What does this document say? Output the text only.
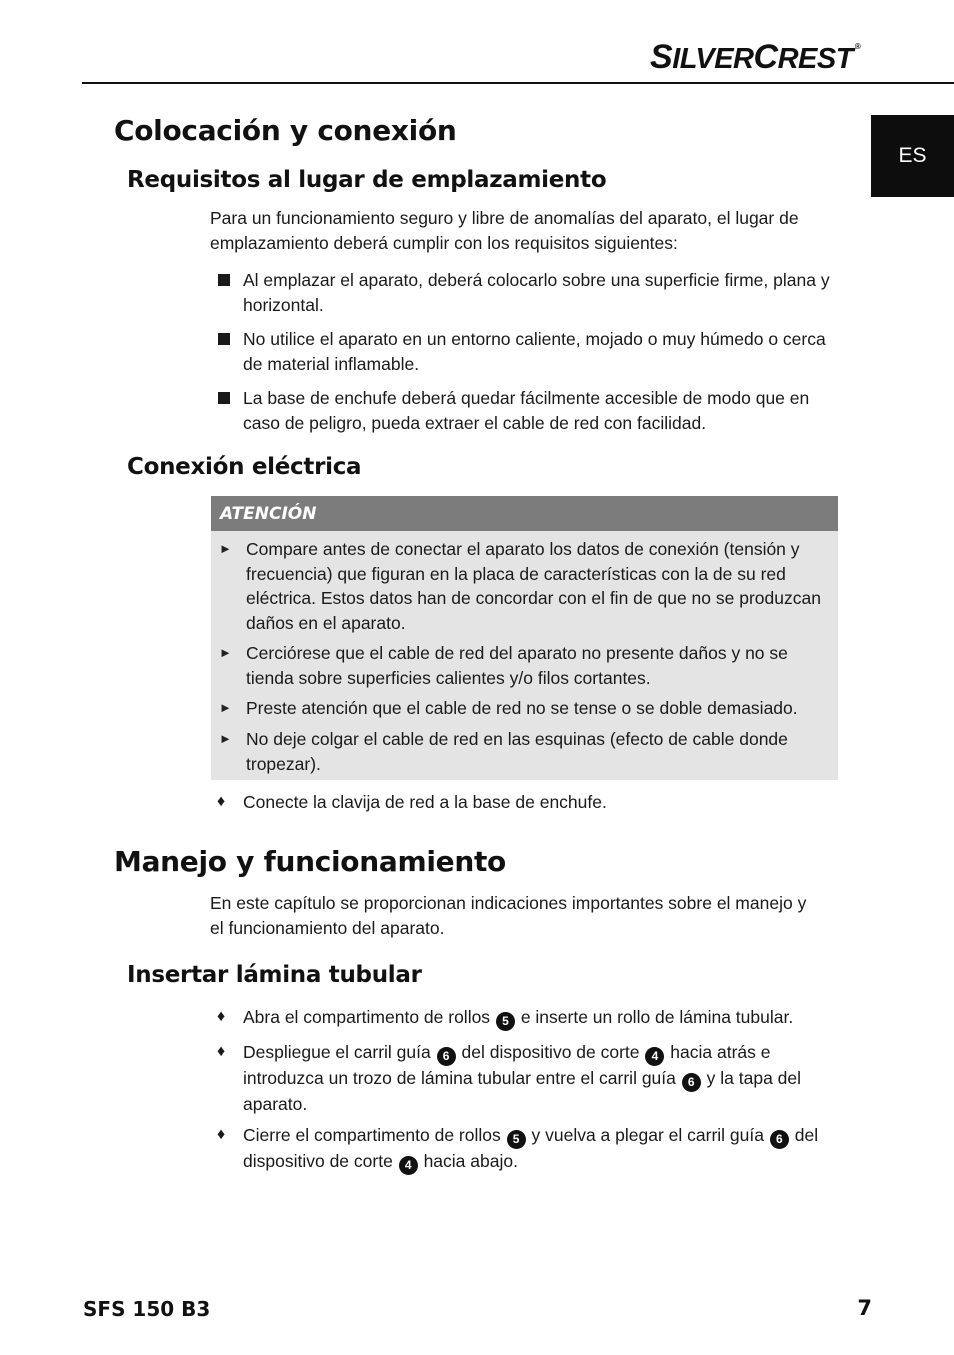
SILVERCREST ®
ES
Colocación y conexión
Requisitos al lugar de emplazamiento

Para un funcionamiento seguro y libre de anomalías del aparato, el lugar de emplazamiento deberá cumplir con los requisitos siguientes:

Al emplazar el aparato, deberá colocarlo sobre una superficie firme, plana y horizontal.
No utilice el aparato en un entorno caliente, mojado o muy húmedo o cerca de material inflamable.
La base de enchufe deberá quedar fácilmente accesible de modo que en caso de peligro, pueda extraer el cable de red con facilidad.
Conexión eléctrica
ATENCIÓN
► Compare antes de conectar el aparato los datos de conexión (tensión y frecuencia) que figuran en la placa de características con la de su red eléctrica. Estos datos han de concordar con el fin de que no se produzcan daños en el aparato.
► Cerciórese que el cable de red del aparato no presente daños y no se tienda sobre superficies calientes y/o filos cortantes.
► Preste atención que el cable de red no se tense o se doble demasiado.
► No deje colgar el cable de red en las esquinas (efecto de cable donde tropezar).
♦	Conecte la clavija de red a la base de enchufe.
Manejo y funcionamiento

En este capítulo se proporcionan indicaciones importantes sobre el manejo y el funcionamiento del aparato.

Insertar lámina tubular
♦	Abra el compartimento de rollos 5 e inserte un rollo de lámina tubular.
♦	Despliegue el carril guía 6 del dispositivo de corte 4 hacia atrás e introduzca un trozo de lámina tubular entre el carril guía 6 y la tapa del aparato.
♦	Cierre el compartimento de rollos 5 y vuelva a plegar el carril guía 6 del dispositivo de corte 4 hacia abajo.
SFS 150 B3	7
